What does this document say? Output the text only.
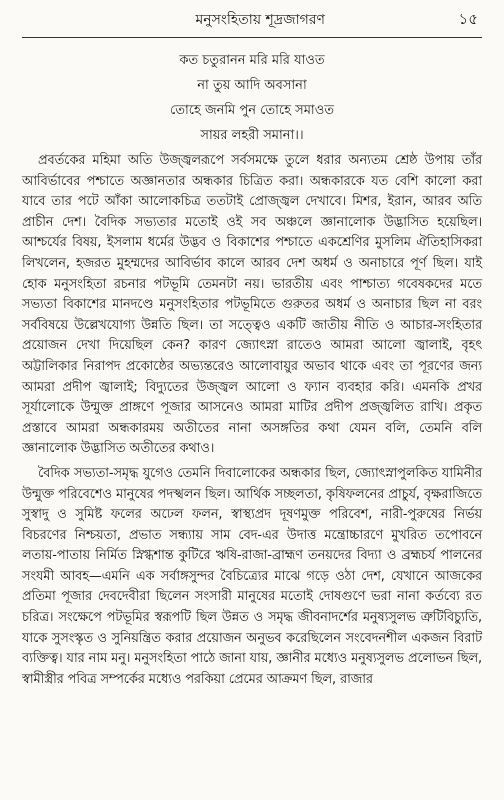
মনুসংহিতায় শূদ্রজাগরণ	১৫
কত চতুরানন মরি মরি যাওত
না তুয় আদি অবসানা
তোহে জনমি পুন তোহে সমাওত
সায়র লহরী সমানা।।

প্রবর্তকের মহিমা অতি উজ্জ্বলরূপে সর্বসমক্ষে তুলে ধরার অন্যতম শ্রেষ্ঠ উপায় তাঁর আবির্ভাবের পশ্চাতে অজ্ঞানতার অন্ধকার চিত্রিত করা। অন্ধকারকে যত বেশি কালো করা যাবে তার পটে আঁকা আলোকচিত্র ততটাই প্রোজ্জ্বল দেখাবে। মিশর, ইরান, আরব অতি প্রাচীন দেশ। বৈদিক সভ্যতার মতোই ওই সব অঞ্চলে জ্ঞানালোক উদ্ভাসিত হয়েছিল। আশ্চর্যের বিষয়, ইসলাম ধর্মের উদ্ভব ও বিকাশের পশ্চাতে একশ্রেণির মুসলিম ঐতিহাসিকরা লিখলেন, হজরত মুহম্মদের আবির্ভাব কালে আরব দেশ অধর্ম ও অনাচারে পূর্ণ ছিল। যাই হোক মনুসংহিতা রচনার পটভূমি তেমনটা নয়। ভারতীয় এবং পাশ্চাত্য গবেষকদের মতে সভ্যতা বিকাশের মানদণ্ডে মনুসংহিতার পটভূমিতে গুরুতর অধর্ম ও অনাচার ছিল না বরং সর্ববিষয়ে উল্লেখযোগ্য উন্নতি ছিল। তা সত্ত্বেও একটি জাতীয় নীতি ও আচার-সংহিতার প্রয়োজন দেখা দিয়েছিল কেন? কারণ জ্যোৎস্না রাতেও আমরা আলো জ্বালাই, বৃহৎ অট্টালিকার নিরাপদ প্রকোষ্ঠের অভ্যন্তরেও আলোবায়ুর অভাব থাকে এবং তা পূরণের জন্য আমরা প্রদীপ জ্বালাই; বিদ্যুতের উজ্জ্বল আলো ও ফ্যান ব্যবহার করি। এমনকি প্রখর সূর্যালোকে উন্মুক্ত প্রাঙ্গণে পূজার আসনেও আমরা মাটির প্রদীপ প্রজ্জ্বলিত রাখি। প্রকৃত প্রস্তাবে আমরা অন্ধকারময় অতীতের নানা অসঙ্গতির কথা যেমন বলি, তেমনি বলি জ্ঞানালোক উদ্ভাসিত অতীতের কথাও।

বৈদিক সভ্যতা-সমৃদ্ধ যুগেও তেমনি দিবালোকের অন্ধকার ছিল, জ্যোৎস্নাপুলকিত যামিনীর উন্মুক্ত পরিবেশেও মানুষের পদস্খলন ছিল। আর্থিক সচ্ছলতা, কৃষিফলনের প্রাচুর্য, বৃক্ষরাজিতে সুস্বাদু ও সুমিষ্ট ফলের অঢেল ফলন, স্বাস্থ্যপ্রদ দূষণমুক্ত পরিবেশ, নারী-পুরুষের নির্ভয় বিচরণের নিশ্চয়তা, প্রভাত সন্ধ্যায় সাম বেদ-এর উদাত্ত মন্ত্রোচ্চারণে মুখরিত তপোবনে লতায়-পাতায় নির্মিত স্নিগ্ধশান্ত কুটিরে ঋষি-রাজা-ব্রাহ্মণ তনয়দের বিদ্যা ও ব্রহ্মচর্য পালনের সংযমী আবহ—এমনি এক সর্বাঙ্গসুন্দর বৈচিত্র্যের মাঝে গড়ে ওঠা দেশ, যেখানে আজকের প্রতিমা পূজার দেবদেবীরা ছিলেন সংসারী মানুষের মতোই দোষগুণে ভরা নানা কর্তব্যে রত চরিত্র। সংক্ষেপে পটভূমির স্বরূপটি ছিল উন্নত ও সমৃদ্ধ জীবনাদর্শের মনুষ্যসুলভ ত্রুটিবিচ্যুতি, যাকে সুসংস্কৃত ও সুনিয়ন্ত্রিত করার প্রয়োজন অনুভব করেছিলেন সংবেদনশীল একজন বিরাট ব্যক্তিত্ব। যার নাম মনু। মনুসংহিতা পাঠে জানা যায়, জ্ঞানীর মধ্যেও মনুষ্যসুলভ প্রলোভন ছিল, স্বামীস্ত্রীর পবিত্র সম্পর্কের মধ্যেও পরকিয়া প্রেমের আক্রমণ ছিল, রাজার
